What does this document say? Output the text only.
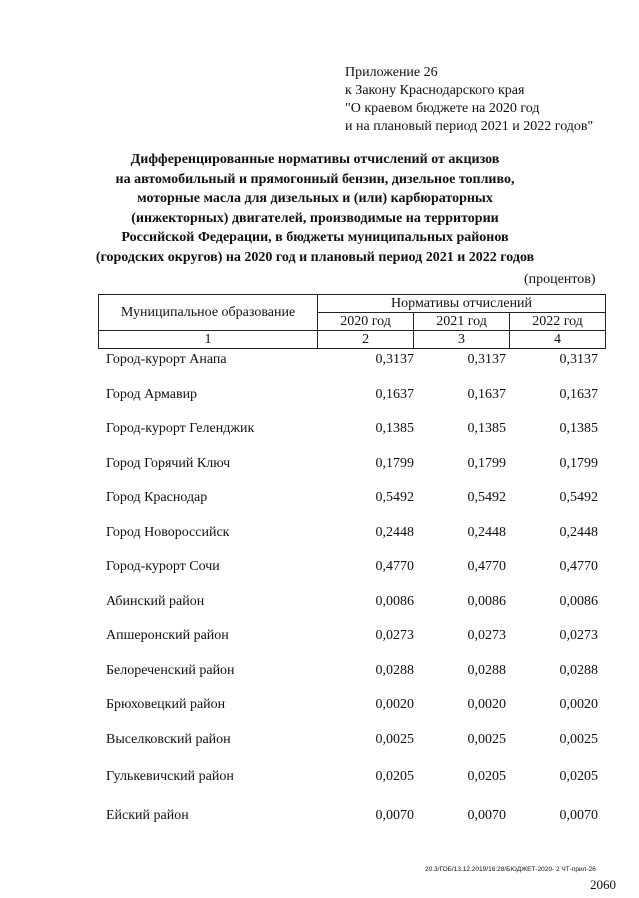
Приложение 26
к Закону Краснодарского края
"О краевом бюджете на 2020 год
и на плановый период 2021 и 2022 годов"
Дифференцированные нормативы отчислений от акцизов
на автомобильный и прямогонный бензин, дизельное топливо,
моторные масла для дизельных и (или) карбюраторных
(инжекторных) двигателей, производимые на территории
Российской Федерации, в бюджеты муниципальных районов
(городских округов) на 2020 год и плановый период 2021 и 2022 годов
(процентов)
Муниципальное образование	Нормативы отчислений		
	2020 год	2021 год	2022 год
1	2	3	4
Город-курорт Анапа	0,3137	0,3137	0,3137
Город Армавир	0,1637	0,1637	0,1637
Город-курорт Геленджик	0,1385	0,1385	0,1385
Город Горячий Ключ	0,1799	0,1799	0,1799
Город Краснодар	0,5492	0,5492	0,5492
Город Новороссийск	0,2448	0,2448	0,2448
Город-курорт Сочи	0,4770	0,4770	0,4770
Абинский район	0,0086	0,0086	0,0086
Апшеронский район	0,0273	0,0273	0,0273
Белореченский район	0,0288	0,0288	0,0288
Брюховецкий район	0,0020	0,0020	0,0020
Выселковский район	0,0025	0,0025	0,0025
Гулькевичский район	0,0205	0,0205	0,0205
Ейский район	0,0070	0,0070	0,0070
20.3/ГОБ/13.12.2019/16:28/БЮДЖЕТ-2020- 2 ЧТ-прил-26
2060
